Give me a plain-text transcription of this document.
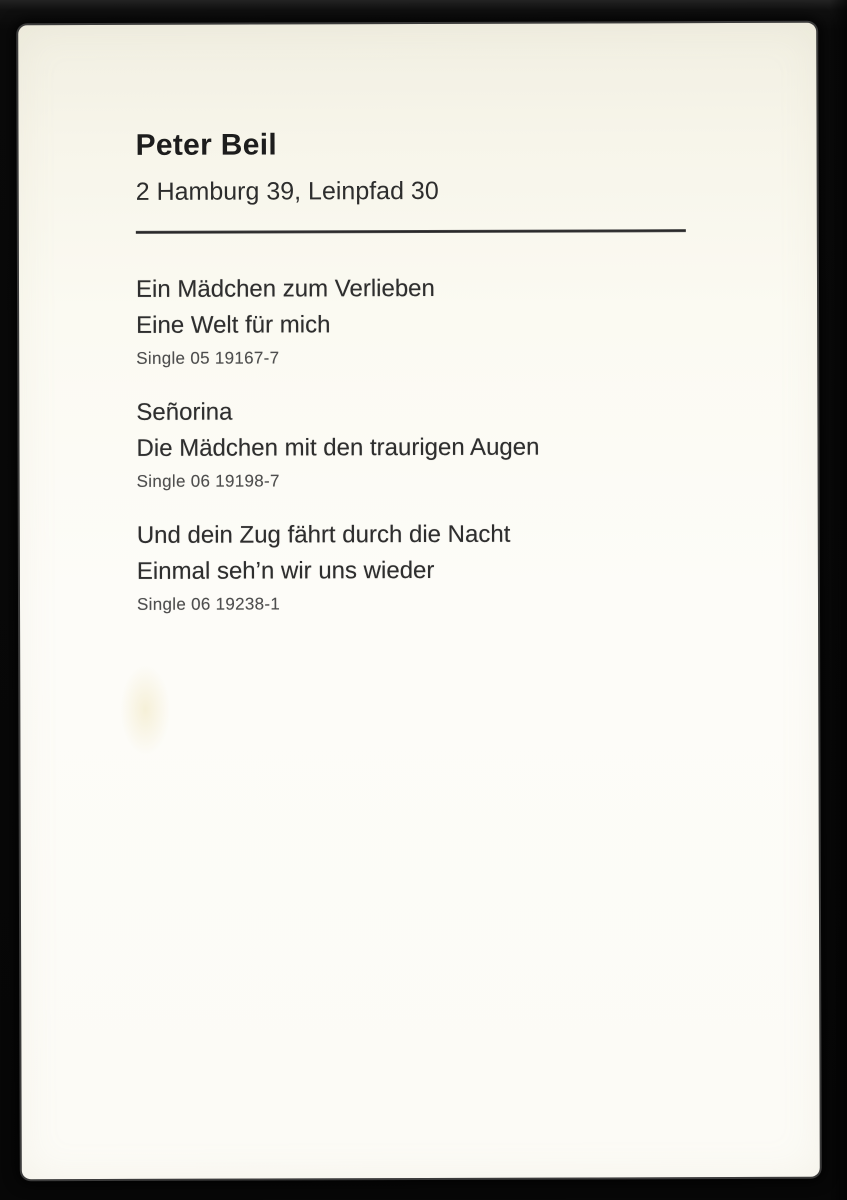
Peter Beil
2 Hamburg 39, Leinpfad 30
Ein Mädchen zum Verlieben
Eine Welt für mich
Single 05 19167-7
Señorina
Die Mädchen mit den traurigen Augen
Single 06 19198-7
Und dein Zug fährt durch die Nacht
Einmal seh’n wir uns wieder
Single 06 19238-1
